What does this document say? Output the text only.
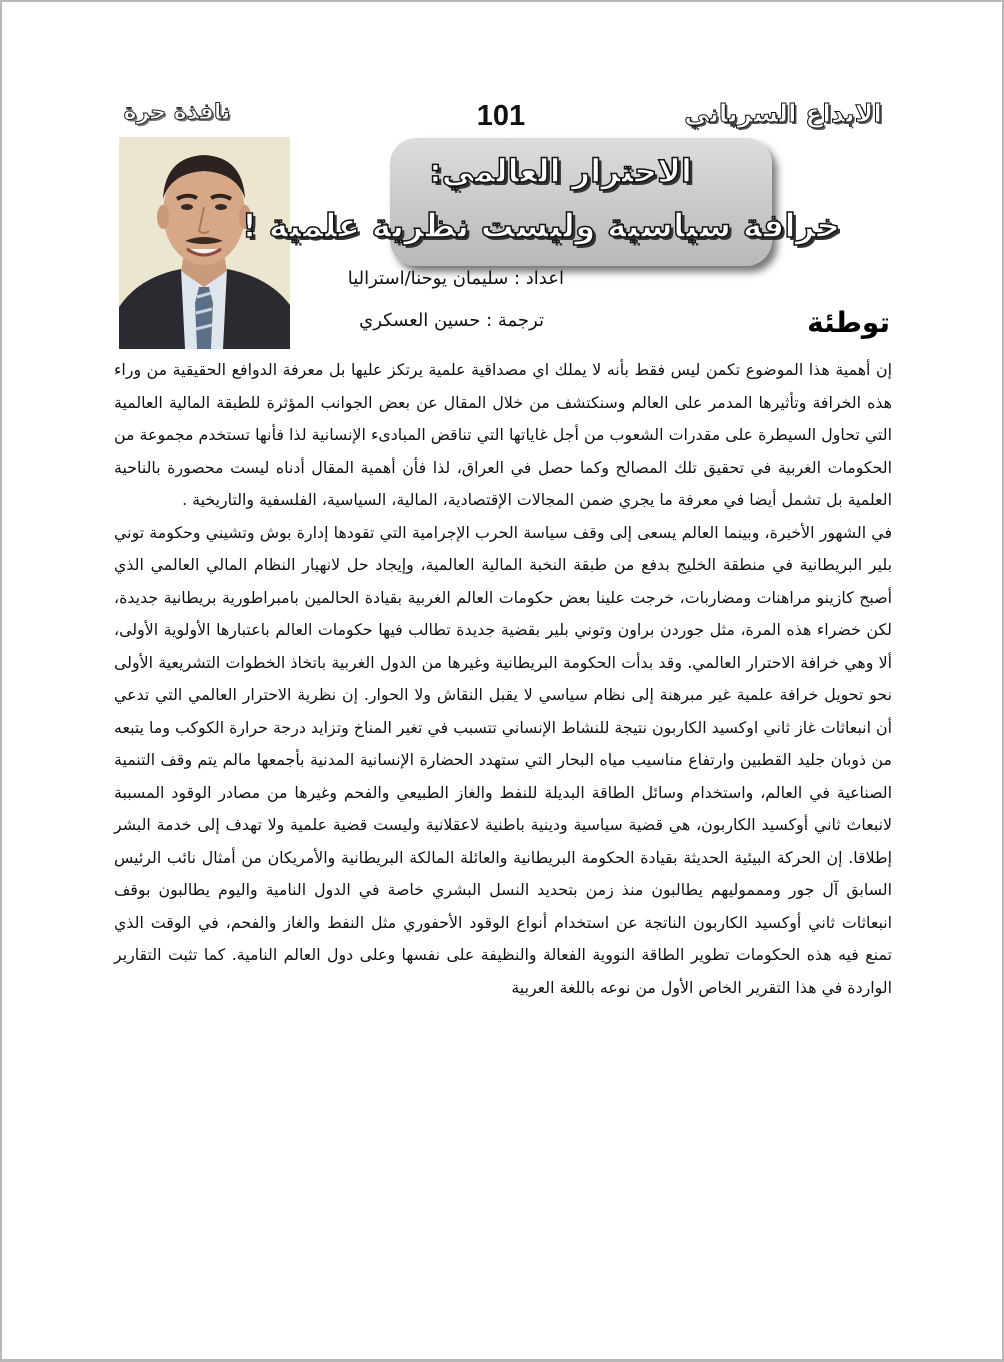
الابداع السرياني
101
نافذة حرة
الاحترار العالمي:
خرافة سياسية وليست نظرية علمية !
اعداد : سليمان يوحنا/استراليا
ترجمة : حسين العسكري	توطئة

إن أهمية هذا الموضوع تكمن ليس فقط بأنه لا يملك اي مصداقية علمية يرتكز عليها بل معرفة الدوافع الحقيقية من وراء هذه الخرافة وتأثيرها المدمر على العالم وسنكتشف من خلال المقال عن بعض الجوانب المؤثرة للطبقة المالية العالمية التي تحاول السيطرة على مقدرات الشعوب من أجل غاياتها التي تناقض المبادىء الإنسانية لذا فأنها تستخدم مجموعة من الحكومات الغربية في تحقيق تلك المصالح وكما حصل في العراق، لذا فأن أهمية المقال أدناه ليست محصورة بالناحية العلمية بل تشمل أيضا في معرفة ما يجري ضمن المجالات الإقتصادية، المالية، السياسية، الفلسفية والتاريخية .

في الشهور الأخيرة، وبينما العالم يسعى إلى وقف سياسة الحرب الإجرامية التي تقودها إدارة بوش وتشيني وحكومة توني بلير البريطانية في منطقة الخليج بدفع من طبقة النخبة المالية العالمية، وإيجاد حل لانهيار النظام المالي العالمي الذي أصبح كازينو مراهنات ومضاربات، خرجت علينا بعض حكومات العالم الغربية بقيادة الحالمين بامبراطورية بريطانية جديدة، لكن خضراء هذه المرة، مثل جوردن براون وتوني بلير بقضية جديدة تطالب فيها حكومات العالم باعتبارها الأولوية الأولى، ألا وهي خرافة الاحترار العالمي. وقد بدأت الحكومة البريطانية وغيرها من الدول الغربية باتخاذ الخطوات التشريعية الأولى نحو تحويل خرافة علمية غير مبرهنة إلى نظام سياسي لا يقبل النقاش ولا الحوار. إن نظرية الاحترار العالمي التي تدعي أن انبعاثات غاز ثاني اوكسيد الكاربون نتيجة للنشاط الإنساني تتسبب في تغير المناخ وتزايد درجة حرارة الكوكب وما يتبعه من ذوبان جليد القطبين وارتفاع مناسيب مياه البحار التي ستهدد الحضارة الإنسانية المدنية بأجمعها مالم يتم وقف التنمية الصناعية في العالم، واستخدام وسائل الطاقة البديلة للنفط والغاز الطبيعي والفحم وغيرها من مصادر الوقود المسببة لانبعاث ثاني أوكسيد الكاربون، هي قضية سياسية ودينية باطنية لاعقلانية وليست قضية علمية ولا تهدف إلى خدمة البشر إطلاقا. إن الحركة البيئية الحديثة بقيادة الحكومة البريطانية والعائلة المالكة البريطانية والأمريكان من أمثال نائب الرئيس السابق آل جور وممموليهم يطالبون منذ زمن بتحديد النسل البشري خاصة في الدول النامية واليوم يطالبون بوقف انبعاثات ثاني أوكسيد الكاربون الناتجة عن استخدام أنواع الوقود الأحفوري مثل النفط والغاز والفحم، في الوقت الذي تمنع فيه هذه الحكومات تطوير الطاقة النووية الفعالة والنظيفة على نفسها وعلى دول العالم النامية. كما تثبت التقارير الواردة في هذا التقرير الخاص الأول من نوعه باللغة العربية
